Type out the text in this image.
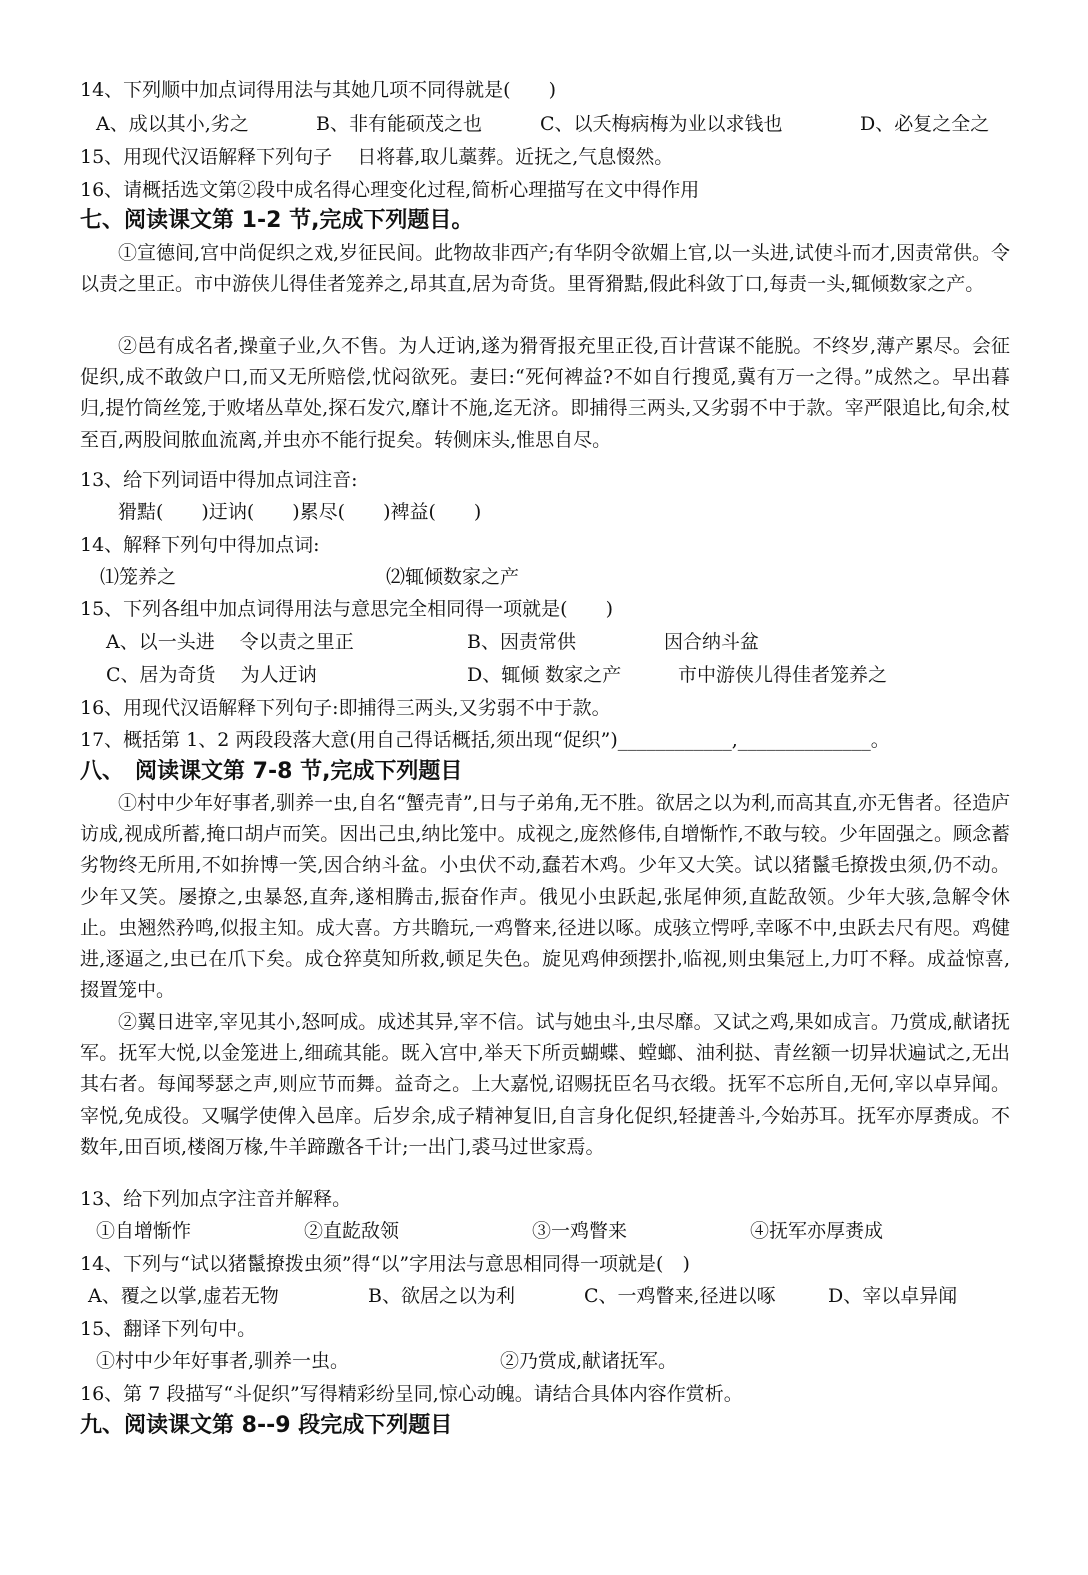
14、下列顺中加点词得用法与其她几项不同得就是(　　)
A、成以其小,劣之	B、非有能硕茂之也	C、以夭梅病梅为业以求钱也	D、必复之全之
15、用现代汉语解释下列句子　 日将暮,取儿藁葬。近抚之,气息惙然。
16、请概括选文第②段中成名得心理变化过程,简析心理描写在文中得作用
七、阅读课文第 1-2 节,完成下列题目。
①宣德间,宫中尚促织之戏,岁征民间。此物故非西产;有华阴令欲媚上官,以一头进,试使斗而才,因责常供。令以责之里正。市中游侠儿得佳者笼养之,昂其直,居为奇货。里胥猾黠,假此科敛丁口,每责一头,辄倾数家之产。
②邑有成名者,操童子业,久不售。为人迂讷,遂为猾胥报充里正役,百计营谋不能脱。不终岁,薄产累尽。会征促织,成不敢敛户口,而又无所赔偿,忧闷欲死。妻曰:“死何裨益?不如自行搜觅,冀有万一之得。”成然之。早出暮归,提竹筒丝笼,于败堵丛草处,探石发穴,靡计不施,迄无济。即捕得三两头,又劣弱不中于款。宰严限追比,旬余,杖至百,两股间脓血流离,并虫亦不能行捉矣。转侧床头,惟思自尽。
13、给下列词语中得加点词注音:
猾黠(　　)迂讷(　　)累尽(　　)裨益(　　)
14、解释下列句中得加点词:
⑴笼养之	⑵辄倾数家之产
15、下列各组中加点词得用法与意思完全相同得一项就是(　　)
A、以一头进　 令以责之里正	B、因责常供	因合纳斗盆
C、居为奇货　 为人迂讷	D、辄倾 数家之产	市中游侠儿得佳者笼养之
16、用现代汉语解释下列句子:即捕得三两头,又劣弱不中于款。
17、概括第 1、2 两段段落大意(用自己得话概括,须出现“促织”)____________,______________。
八、　阅读课文第 7-8 节,完成下列题目
①村中少年好事者,驯养一虫,自名“蟹壳青”,日与子弟角,无不胜。欲居之以为利,而高其直,亦无售者。径造庐访成,视成所蓄,掩口胡卢而笑。因出己虫,纳比笼中。成视之,庞然修伟,自增惭怍,不敢与较。少年固强之。顾念蓄劣物终无所用,不如拚博一笑,因合纳斗盆。小虫伏不动,蠢若木鸡。少年又大笑。试以猪鬣毛撩拨虫须,仍不动。少年又笑。屡撩之,虫暴怒,直奔,遂相腾击,振奋作声。俄见小虫跃起,张尾伸须,直龁敌领。少年大骇,急解令休止。虫翘然矜鸣,似报主知。成大喜。方共瞻玩,一鸡瞥来,径进以啄。成骇立愕呼,幸啄不中,虫跃去尺有咫。鸡健进,逐逼之,虫已在爪下矣。成仓猝莫知所救,顿足失色。旋见鸡伸颈摆扑,临视,则虫集冠上,力叮不释。成益惊喜,掇置笼中。
②翼日进宰,宰见其小,怒呵成。成述其异,宰不信。试与她虫斗,虫尽靡。又试之鸡,果如成言。乃赏成,献诸抚军。抚军大悦,以金笼进上,细疏其能。既入宫中,举天下所贡蝴蝶、螳螂、油利挞、青丝额一切异状遍试之,无出其右者。每闻琴瑟之声,则应节而舞。益奇之。上大嘉悦,诏赐抚臣名马衣缎。抚军不忘所自,无何,宰以卓异闻。宰悦,免成役。又嘱学使俾入邑庠。后岁余,成子精神复旧,自言身化促织,轻捷善斗,今始苏耳。抚军亦厚赉成。不数年,田百顷,楼阁万椽,牛羊蹄躈各千计;一出门,裘马过世家焉。
13、给下列加点字注音并解释。
①自增惭怍	②直龁敌领	③一鸡瞥来	④抚军亦厚赉成
14、下列与“试以猪鬣撩拨虫须”得“以”字用法与意思相同得一项就是(　)
A、覆之以掌,虚若无物	B、欲居之以为利	C、一鸡瞥来,径进以啄	D、宰以卓异闻
15、翻译下列句中。
①村中少年好事者,驯养一虫。	②乃赏成,献诸抚军。
16、第 7 段描写“斗促织”写得精彩纷呈同,惊心动魄。请结合具体内容作赏析。
九、阅读课文第 8--9 段完成下列题目
